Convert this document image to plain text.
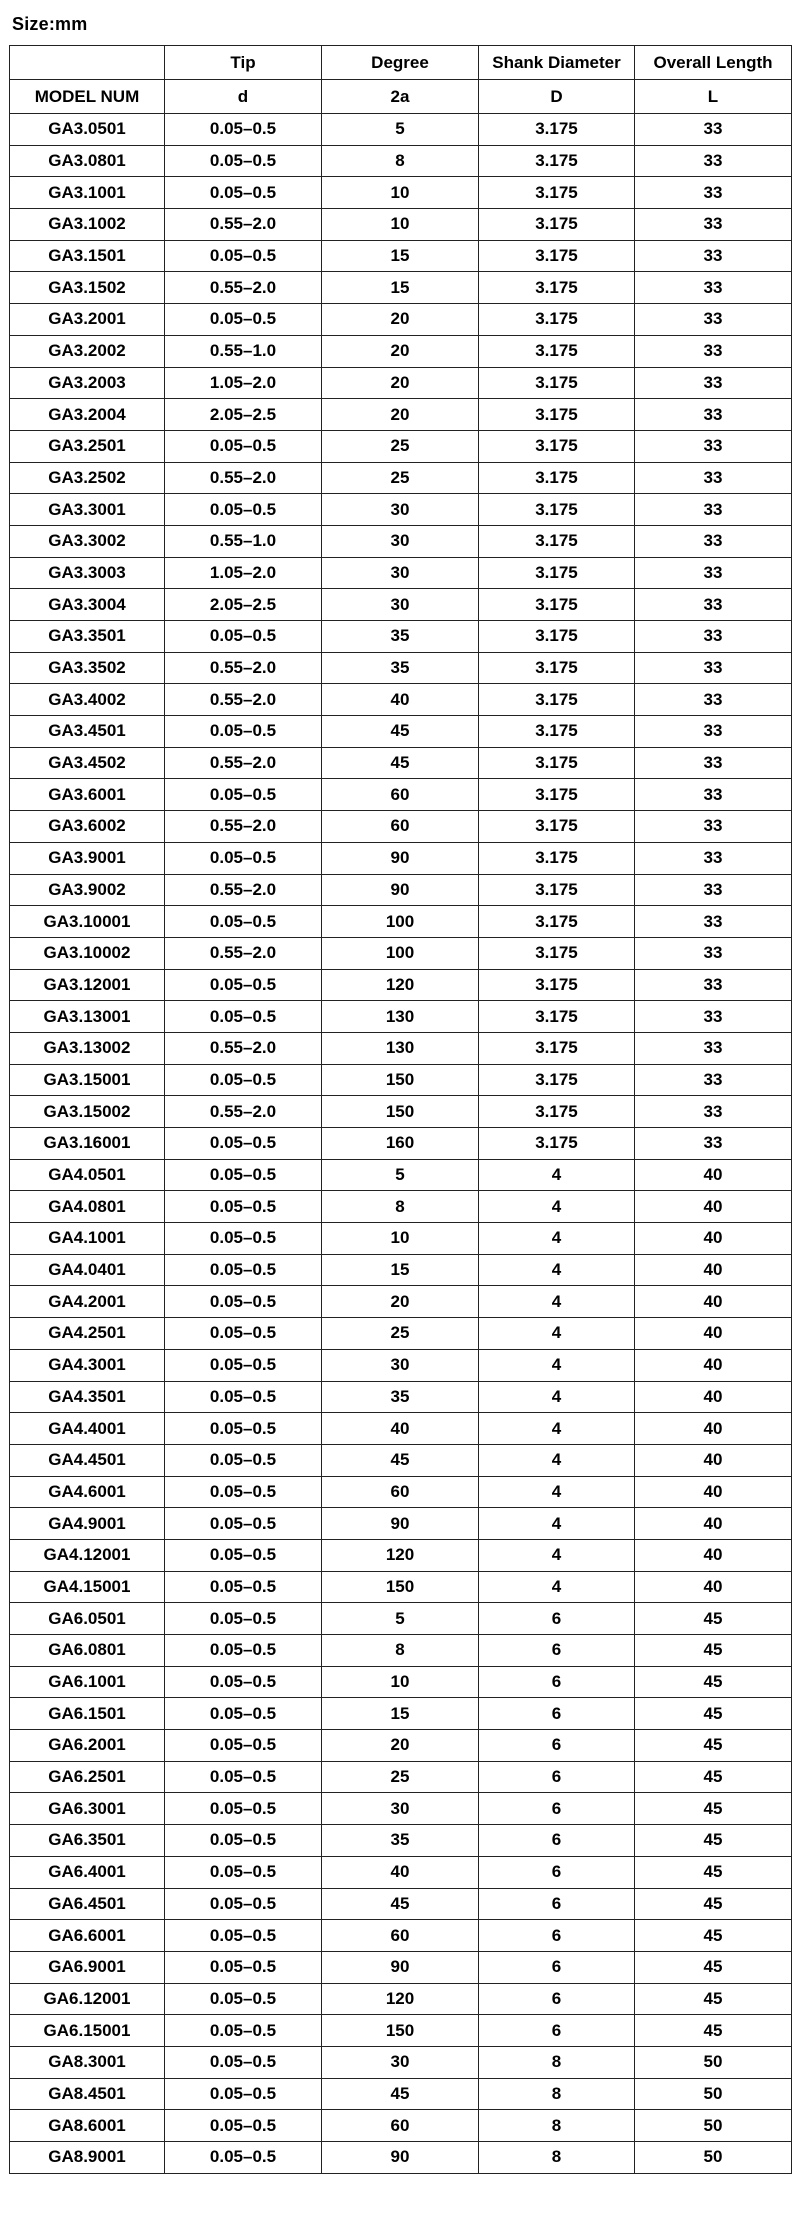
Size:mm
	Tip	Degree	Shank Diameter	Overall Length
MODEL NUM	d	2a	D	L
GA3.0501	0.05–0.5	5	3.175	33
GA3.0801	0.05–0.5	8	3.175	33
GA3.1001	0.05–0.5	10	3.175	33
GA3.1002	0.55–2.0	10	3.175	33
GA3.1501	0.05–0.5	15	3.175	33
GA3.1502	0.55–2.0	15	3.175	33
GA3.2001	0.05–0.5	20	3.175	33
GA3.2002	0.55–1.0	20	3.175	33
GA3.2003	1.05–2.0	20	3.175	33
GA3.2004	2.05–2.5	20	3.175	33
GA3.2501	0.05–0.5	25	3.175	33
GA3.2502	0.55–2.0	25	3.175	33
GA3.3001	0.05–0.5	30	3.175	33
GA3.3002	0.55–1.0	30	3.175	33
GA3.3003	1.05–2.0	30	3.175	33
GA3.3004	2.05–2.5	30	3.175	33
GA3.3501	0.05–0.5	35	3.175	33
GA3.3502	0.55–2.0	35	3.175	33
GA3.4002	0.55–2.0	40	3.175	33
GA3.4501	0.05–0.5	45	3.175	33
GA3.4502	0.55–2.0	45	3.175	33
GA3.6001	0.05–0.5	60	3.175	33
GA3.6002	0.55–2.0	60	3.175	33
GA3.9001	0.05–0.5	90	3.175	33
GA3.9002	0.55–2.0	90	3.175	33
GA3.10001	0.05–0.5	100	3.175	33
GA3.10002	0.55–2.0	100	3.175	33
GA3.12001	0.05–0.5	120	3.175	33
GA3.13001	0.05–0.5	130	3.175	33
GA3.13002	0.55–2.0	130	3.175	33
GA3.15001	0.05–0.5	150	3.175	33
GA3.15002	0.55–2.0	150	3.175	33
GA3.16001	0.05–0.5	160	3.175	33
GA4.0501	0.05–0.5	5	4	40
GA4.0801	0.05–0.5	8	4	40
GA4.1001	0.05–0.5	10	4	40
GA4.0401	0.05–0.5	15	4	40
GA4.2001	0.05–0.5	20	4	40
GA4.2501	0.05–0.5	25	4	40
GA4.3001	0.05–0.5	30	4	40
GA4.3501	0.05–0.5	35	4	40
GA4.4001	0.05–0.5	40	4	40
GA4.4501	0.05–0.5	45	4	40
GA4.6001	0.05–0.5	60	4	40
GA4.9001	0.05–0.5	90	4	40
GA4.12001	0.05–0.5	120	4	40
GA4.15001	0.05–0.5	150	4	40
GA6.0501	0.05–0.5	5	6	45
GA6.0801	0.05–0.5	8	6	45
GA6.1001	0.05–0.5	10	6	45
GA6.1501	0.05–0.5	15	6	45
GA6.2001	0.05–0.5	20	6	45
GA6.2501	0.05–0.5	25	6	45
GA6.3001	0.05–0.5	30	6	45
GA6.3501	0.05–0.5	35	6	45
GA6.4001	0.05–0.5	40	6	45
GA6.4501	0.05–0.5	45	6	45
GA6.6001	0.05–0.5	60	6	45
GA6.9001	0.05–0.5	90	6	45
GA6.12001	0.05–0.5	120	6	45
GA6.15001	0.05–0.5	150	6	45
GA8.3001	0.05–0.5	30	8	50
GA8.4501	0.05–0.5	45	8	50
GA8.6001	0.05–0.5	60	8	50
GA8.9001	0.05–0.5	90	8	50
